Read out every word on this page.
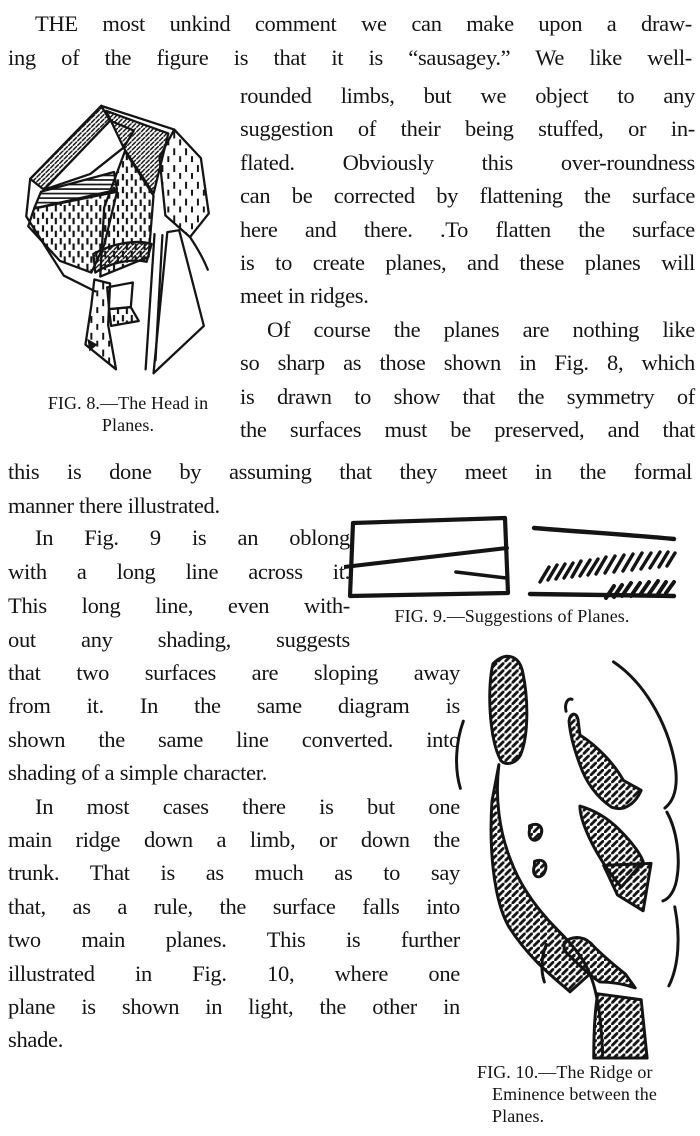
THE most unkind comment we can make upon a draw-
ing of the figure is that it is “sausagey.” We like well-
rounded limbs, but we object to any
suggestion of their being stuffed, or in-
flated. Obviously this over-roundness
can be corrected by flattening the surface
here and there. .To flatten the surface
is to create planes, and these planes will
meet in ridges.
Of course the planes are nothing like
so sharp as those shown in Fig. 8, which
is drawn to show that the symmetry of
the surfaces must be preserved, and that
this is done by assuming that they meet in the formal
manner there illustrated.
In Fig. 9 is an oblong
with a long line across it.
This long line, even with-
out any shading, suggests
that two surfaces are sloping away
from it. In the same diagram is
shown the same line converted. into
shading of a simple character.
In most cases there is but one
main ridge down a limb, or down the
trunk. That is as much as to say
that, as a rule, the surface falls into
two main planes. This is further
illustrated in Fig. 10, where one
plane is shown in light, the other in
shade.
FIG. 8.—The Head in
Planes.
FIG. 9.—Suggestions of Planes.
FIG. 10.—The Ridge or
Eminence between the
Planes.
